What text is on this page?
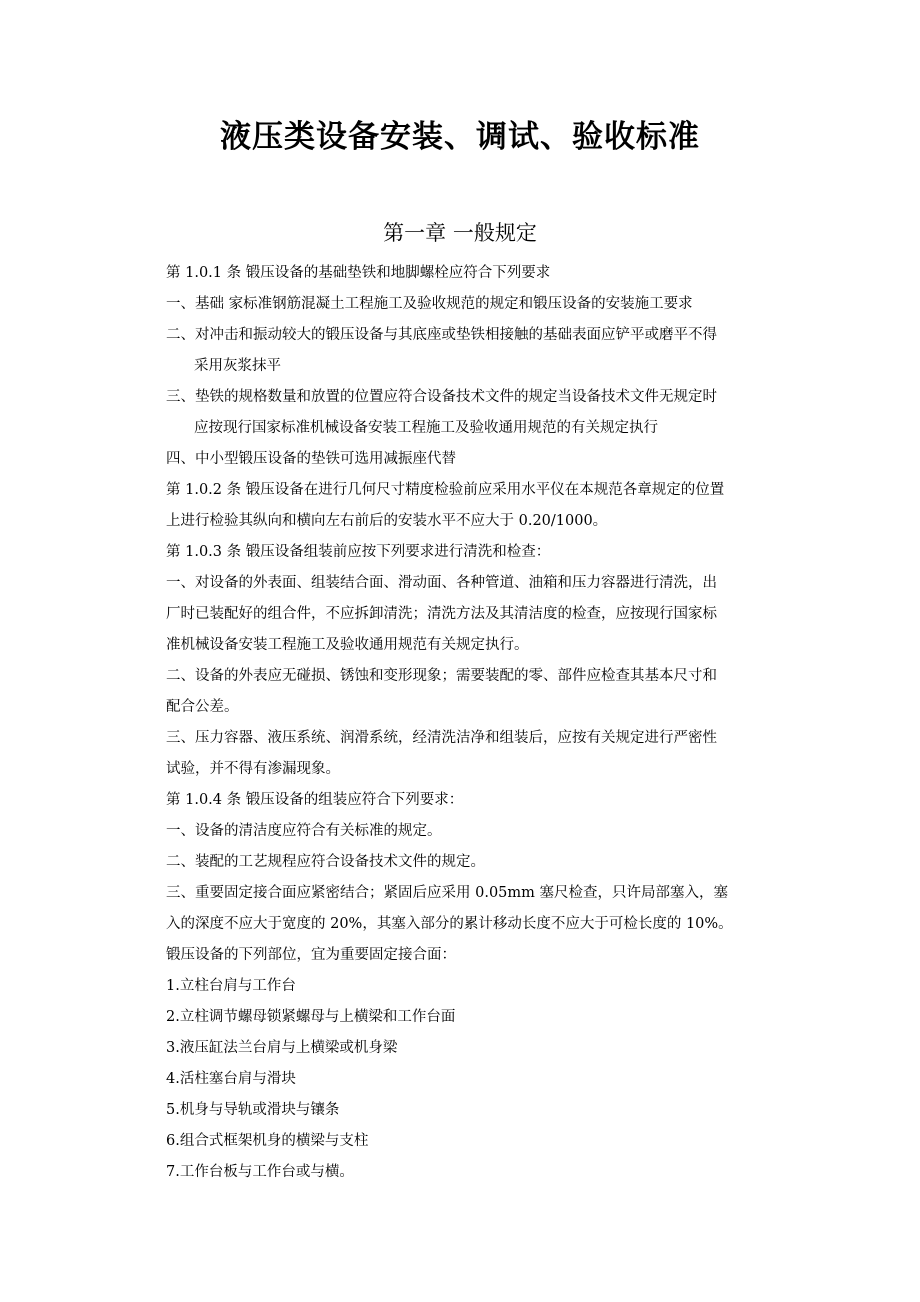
液压类设备安装、调试、验收标准
第一章 一般规定
第 1.0.1 条 锻压设备的基础垫铁和地脚螺栓应符合下列要求
一、基础 家标准钢筋混凝土工程施工及验收规范的规定和锻压设备的安装施工要求
二、对冲击和振动较大的锻压设备与其底座或垫铁相接触的基础表面应铲平或磨平不得
采用灰浆抹平
三、垫铁的规格数量和放置的位置应符合设备技术文件的规定当设备技术文件无规定时
应按现行国家标准机械设备安装工程施工及验收通用规范的有关规定执行
四、中小型锻压设备的垫铁可选用减振座代替
第 1.0.2 条 锻压设备在进行几何尺寸精度检验前应采用水平仪在本规范各章规定的位置
上进行检验其纵向和横向左右前后的安装水平不应大于 0.20/1000。
第 1.0.3 条 锻压设备组装前应按下列要求进行清洗和检查：
一、对设备的外表面、组装结合面、滑动面、各种管道、油箱和压力容器进行清洗，出
厂时已装配好的组合件，不应拆卸清洗；清洗方法及其清洁度的检查，应按现行国家标
准机械设备安装工程施工及验收通用规范有关规定执行。
二、设备的外表应无碰损、锈蚀和变形现象；需要装配的零、部件应检查其基本尺寸和
配合公差。
三、压力容器、液压系统、润滑系统，经清洗洁净和组装后，应按有关规定进行严密性
试验，并不得有渗漏现象。
第 1.0.4 条 锻压设备的组装应符合下列要求：
一、设备的清洁度应符合有关标准的规定。
二、装配的工艺规程应符合设备技术文件的规定。
三、重要固定接合面应紧密结合；紧固后应采用 0.05mm 塞尺检查，只许局部塞入，塞
入的深度不应大于宽度的 20%，其塞入部分的累计移动长度不应大于可检长度的 10%。
锻压设备的下列部位，宜为重要固定接合面：
1.立柱台肩与工作台
2.立柱调节螺母锁紧螺母与上横梁和工作台面
3.液压缸法兰台肩与上横梁或机身梁
4.活柱塞台肩与滑块
5.机身与导轨或滑块与镶条
6.组合式框架机身的横梁与支柱
7.工作台板与工作台或与横。
